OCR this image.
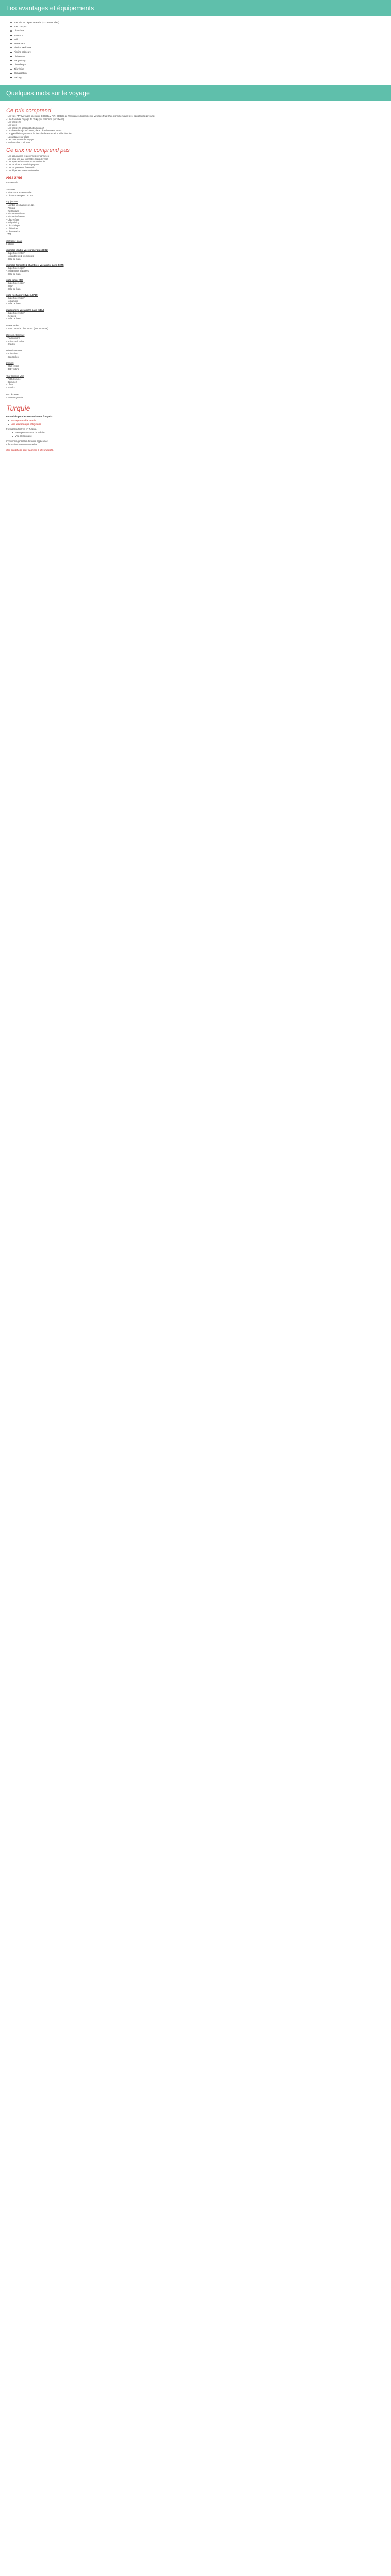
Les avantages et équipements
Tout A/R au départ de Paris (+10 autres villes)
Tout compris
Chambres
Transport
Wifi
Restaurant
Piscine extérieure
Piscine intérieure
Club enfant
Baby-sitting
Discothèque
Télévision
Climatisation
Parking
Quelques mots sur le voyage
Ce prix comprend
- Les vols FTY (Voyages spéciaux) CDG/DLM A/R, (Détails de l'assurance disponible sur Voyages Pas Cher, consultez dans le(s) opérateur(s) prévu(s)
- Une franchise bagage de 15 kg par personne (hors bébé)
- Les transferts
- Les taxes
- Les transferts aéroport/hôtel/aéroport
- Le séjour de 8 jours/7 nuits, dans l'établissement retenu
- Le type d'hébergement et la formule de restauration sélectionnée
- L'assistance sur place
- Des documents de voyage
- Seul nombre conforme
Ce prix ne comprend pas
- Les assurances et dépenses personnelles
- Les frais liés aux formalités (frais de visa)
- Les repas et boissons non mentionnés
- Les services et activités payants
- Les suppléments éventuels
- Les dépenses non mentionnées
Résumé
Lara Hotels
Situation
- Situé dans le centre-ville.
- Distance aéroport : 20 km
Equipement
- Nombre de chambres : 411
- Parking
- Restaurant
- Piscine extérieure
- Piscine intérieure
- Club enfant
- Baby-sitting
- Discothèque
- Télévision
- Climatisation
- Wifi
Catégorie locale
5 étoiles
chambre double vue sur mer plus (DBL)
- Superficie : 28 m²
- 1 grand lit ou 2 lits simples
- Salle de bain
chambre familiale (2 chambres) vue arrière pays (FAM)
- Superficie : 45 m²
- 2 chambres séparées
- Salle de bain
suite junior (JS)
- Superficie : 46 m²
- Salon
- Salle de bain
suite (1 chambre) type A (P1S)
- Superficie : 55 m²
- 1 chambre
- Salle de bain
maisonnette vue arrière-pays (MBL)
- Superficie : 60 m²
- 2 étages
- Salle de bain
Restauration
- 'Tout Compris Ultra Inclus' (ALL Inclusive)
Boisson et formule
- Tout compris
- Boissons locales
- Snacks
Divertissements
- Animation
- Spectacles
Enfants
- Club enfant
- Baby-sitting
Tout compris Ultra
- Petit déjeuner
- Déjeuner
- Dîner
- Snacks
Bon à savoir
- Navette gratuite
Turquie
Formalités pour les ressortissants français :
Passeport valide requis.
Visa électronique obligatoire.
Formalités d'entrée en Turquie.
Passeport en cours de validité.
Visa électronique.
Conditions générales de vente applicables.
Informations non contractuelles.
Ces conditions sont données à titre indicatif.
